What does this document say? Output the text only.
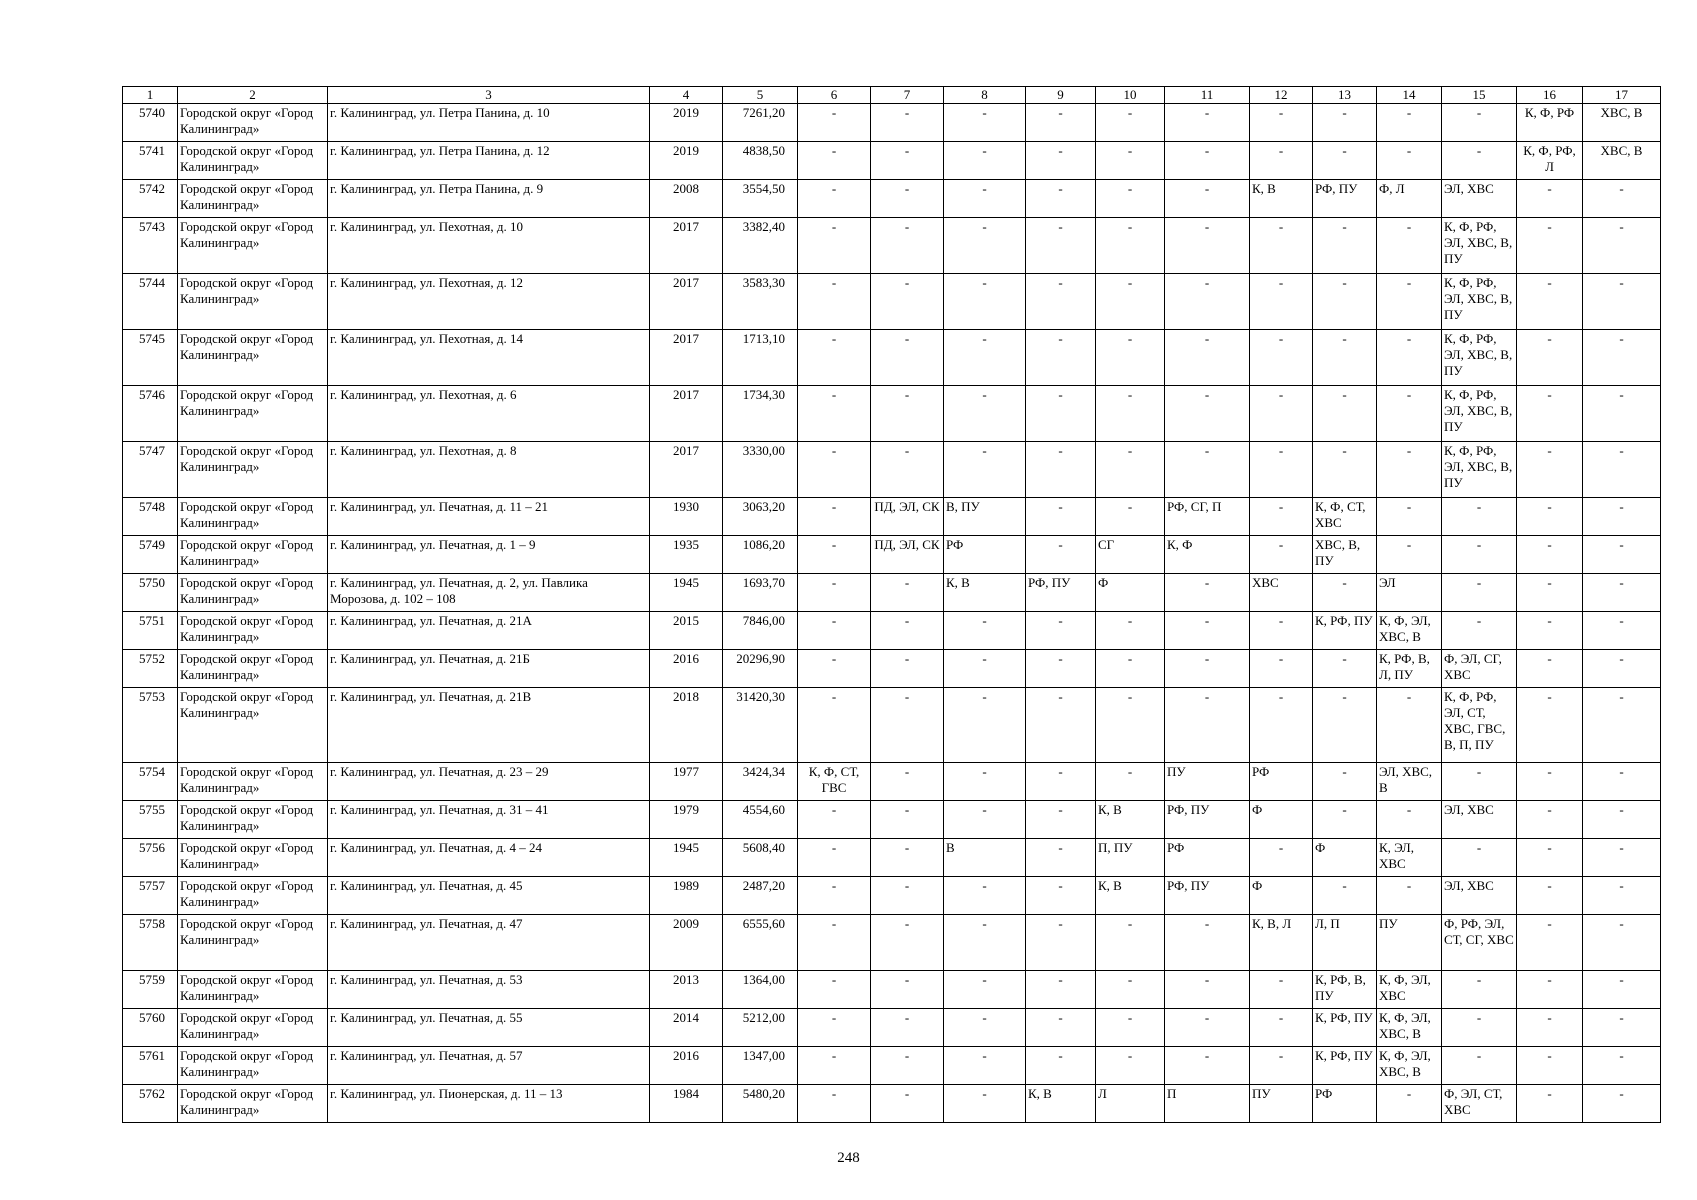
1	2	3	4	5	6	7	8	9	10	11	12	13	14	15	16	17
5740	Городской округ «Город Калининград»	г. Калининград, ул. Петра Панина, д. 10	2019	7261,20	-	-	-	-	-	-	-	-	-	-	К, Ф, РФ	ХВС, В
5741	Городской округ «Город Калининград»	г. Калининград, ул. Петра Панина, д. 12	2019	4838,50	-	-	-	-	-	-	-	-	-	-	К, Ф, РФ, Л	ХВС, В
5742	Городской округ «Город Калининград»	г. Калининград, ул. Петра Панина, д. 9	2008	3554,50	-	-	-	-	-	-	К, В	РФ, ПУ	Ф, Л	ЭЛ, ХВС	-	-
5743	Городской округ «Город Калининград»	г. Калининград, ул. Пехотная, д. 10	2017	3382,40	-	-	-	-	-	-	-	-	-	К, Ф, РФ, ЭЛ, ХВС, В, ПУ	-	-
5744	Городской округ «Город Калининград»	г. Калининград, ул. Пехотная, д. 12	2017	3583,30	-	-	-	-	-	-	-	-	-	К, Ф, РФ, ЭЛ, ХВС, В, ПУ	-	-
5745	Городской округ «Город Калининград»	г. Калининград, ул. Пехотная, д. 14	2017	1713,10	-	-	-	-	-	-	-	-	-	К, Ф, РФ, ЭЛ, ХВС, В, ПУ	-	-
5746	Городской округ «Город Калининград»	г. Калининград, ул. Пехотная, д. 6	2017	1734,30	-	-	-	-	-	-	-	-	-	К, Ф, РФ, ЭЛ, ХВС, В, ПУ	-	-
5747	Городской округ «Город Калининград»	г. Калининград, ул. Пехотная, д. 8	2017	3330,00	-	-	-	-	-	-	-	-	-	К, Ф, РФ, ЭЛ, ХВС, В, ПУ	-	-
5748	Городской округ «Город Калининград»	г. Калининград, ул. Печатная, д. 11 – 21	1930	3063,20	-	ПД, ЭЛ, СК	В, ПУ	-	-	РФ, СГ, П	-	К, Ф, СТ, ХВС	-	-	-	-
5749	Городской округ «Город Калининград»	г. Калининград, ул. Печатная, д. 1 – 9	1935	1086,20	-	ПД, ЭЛ, СК	РФ	-	СГ	К, Ф	-	ХВС, В, ПУ	-	-	-	-
5750	Городской округ «Город Калининград»	г. Калининград, ул. Печатная, д. 2, ул. Павлика Морозова, д. 102 – 108	1945	1693,70	-	-	К, В	РФ, ПУ	Ф	-	ХВС	-	ЭЛ	-	-	-
5751	Городской округ «Город Калининград»	г. Калининград, ул. Печатная, д. 21А	2015	7846,00	-	-	-	-	-	-	-	К, РФ, ПУ	К, Ф, ЭЛ, ХВС, В	-	-	-
5752	Городской округ «Город Калининград»	г. Калининград, ул. Печатная, д. 21Б	2016	20296,90	-	-	-	-	-	-	-	-	К, РФ, В, Л, ПУ	Ф, ЭЛ, СГ, ХВС	-	-
5753	Городской округ «Город Калининград»	г. Калининград, ул. Печатная, д. 21В	2018	31420,30	-	-	-	-	-	-	-	-	-	К, Ф, РФ, ЭЛ, СТ, ХВС, ГВС, В, П, ПУ	-	-
5754	Городской округ «Город Калининград»	г. Калининград, ул. Печатная, д. 23 – 29	1977	3424,34	К, Ф, СТ, ГВС	-	-	-	-	ПУ	РФ	-	ЭЛ, ХВС, В	-	-	-
5755	Городской округ «Город Калининград»	г. Калининград, ул. Печатная, д. 31 – 41	1979	4554,60	-	-	-	-	К, В	РФ, ПУ	Ф	-	-	ЭЛ, ХВС	-	-
5756	Городской округ «Город Калининград»	г. Калининград, ул. Печатная, д. 4 – 24	1945	5608,40	-	-	В	-	П, ПУ	РФ	-	Ф	К, ЭЛ, ХВС	-	-	-
5757	Городской округ «Город Калининград»	г. Калининград, ул. Печатная, д. 45	1989	2487,20	-	-	-	-	К, В	РФ, ПУ	Ф	-	-	ЭЛ, ХВС	-	-
5758	Городской округ «Город Калининград»	г. Калининград, ул. Печатная, д. 47	2009	6555,60	-	-	-	-	-	-	К, В, Л	Л, П	ПУ	Ф, РФ, ЭЛ, СТ, СГ, ХВС	-	-
5759	Городской округ «Город Калининград»	г. Калининград, ул. Печатная, д. 53	2013	1364,00	-	-	-	-	-	-	-	К, РФ, В, ПУ	К, Ф, ЭЛ, ХВС	-	-	-
5760	Городской округ «Город Калининград»	г. Калининград, ул. Печатная, д. 55	2014	5212,00	-	-	-	-	-	-	-	К, РФ, ПУ	К, Ф, ЭЛ, ХВС, В	-	-	-
5761	Городской округ «Город Калининград»	г. Калининград, ул. Печатная, д. 57	2016	1347,00	-	-	-	-	-	-	-	К, РФ, ПУ	К, Ф, ЭЛ, ХВС, В	-	-	-
5762	Городской округ «Город Калининград»	г. Калининград, ул. Пионерская, д. 11 – 13	1984	5480,20	-	-	-	К, В	Л	П	ПУ	РФ	-	Ф, ЭЛ, СТ, ХВС	-	-
248
